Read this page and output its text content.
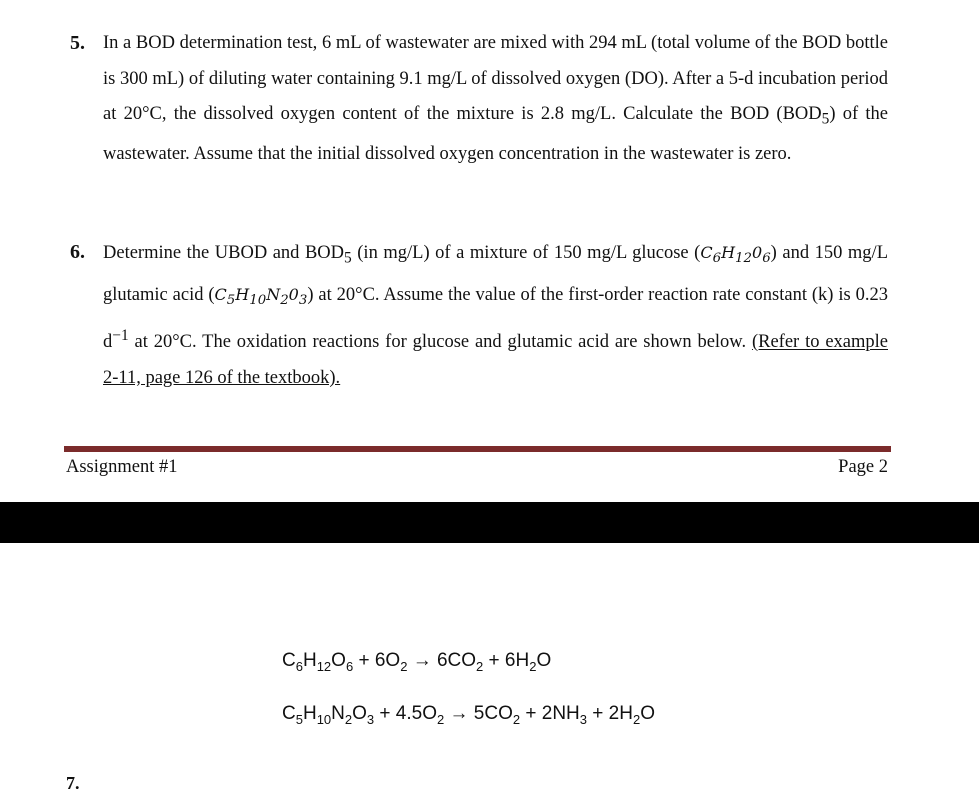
5. In a BOD determination test, 6 mL of wastewater are mixed with 294 mL (total volume of the BOD bottle is 300 mL) of diluting water containing 9.1 mg/L of dissolved oxygen (DO). After a 5-d incubation period at 20°C, the dissolved oxygen content of the mixture is 2.8 mg/L. Calculate the BOD $(BOD_5)$ of the wastewater. Assume that the initial dissolved oxygen concentration in the wastewater is zero.
6. Determine the UBOD and $BOD_5$ (in mg/L) of a mixture of 150 mg/L glucose $(C_6H_{12}0_6)$ and 150 mg/L glutamic acid $(C_5H_{10}N_20_3)$ at 20°C. Assume the value of the first-order reaction rate constant (k) is 0.23 $d^{-1}$ at 20°C. The oxidation reactions for glucose and glutamic acid are shown below. (Refer to example 2-11, page 126 of the textbook).
Assignment #1	Page 2
$C_6H_{12}O_6 + 6O_2 \to 6CO_2 + 6H_2O$
$C_5H_{10}N_2O_3 + 4.5O_2 \to 5CO_2 + 2NH_3 + 2H_2O$
7.
